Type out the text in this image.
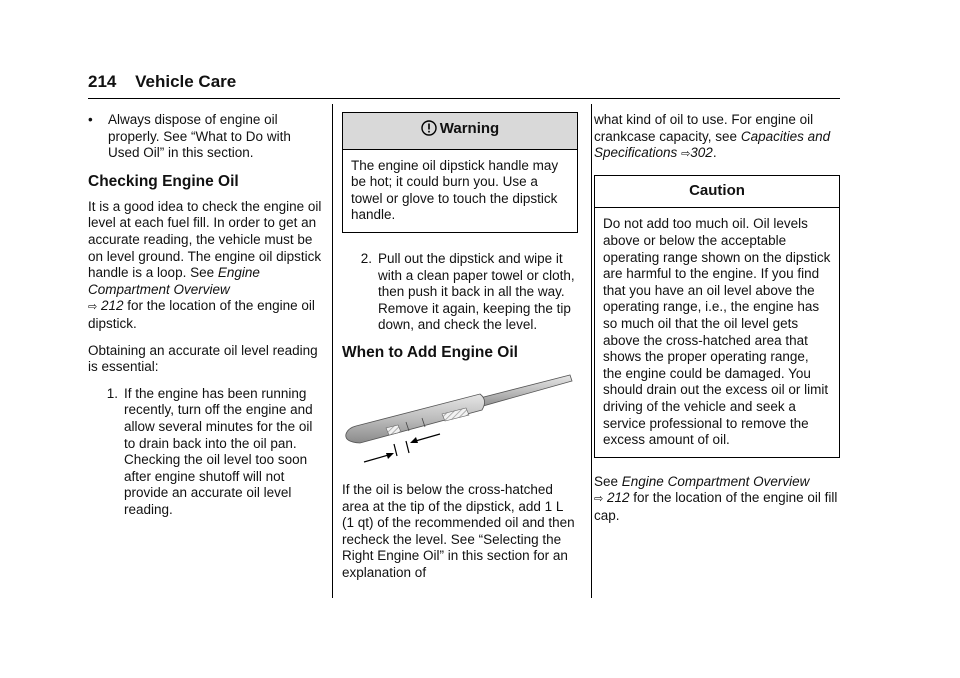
214 Vehicle Care
•	Always dispose of engine oil properly. See “What to Do with Used Oil” in this section.
Checking Engine Oil

It is a good idea to check the engine oil level at each fuel fill. In order to get an accurate reading, the vehicle must be on level ground. The engine oil dipstick handle is a loop. See Engine Compartment Overview
⇨ 212 for the location of the engine oil dipstick.

Obtaining an accurate oil level reading is essential:

1. If the engine has been running recently, turn off the engine and allow several minutes for the oil to drain back into the oil pan. Checking the oil level too soon after engine shutoff will not provide an accurate oil level reading.
Warning
The engine oil dipstick handle may be hot; it could burn you. Use a towel or glove to touch the dipstick handle.
2. Pull out the dipstick and wipe it with a clean paper towel or cloth, then push it back in all the way. Remove it again, keeping the tip down, and check the level.
When to Add Engine Oil

If the oil is below the cross-hatched area at the tip of the dipstick, add 1 L (1 qt) of the recommended oil and then recheck the level. See “Selecting the Right Engine Oil” in this section for an explanation of

what kind of oil to use. For engine oil crankcase capacity, see Capacities and Specifications ⇨302.

Caution
Do not add too much oil. Oil levels above or below the acceptable operating range shown on the dipstick are harmful to the engine. If you find that you have an oil level above the operating range, i.e., the engine has so much oil that the oil level gets above the cross-hatched area that shows the proper operating range, the engine could be damaged. You should drain out the excess oil or limit driving of the vehicle and seek a service professional to remove the excess amount of oil.

See Engine Compartment Overview
⇨ 212 for the location of the engine oil fill cap.
